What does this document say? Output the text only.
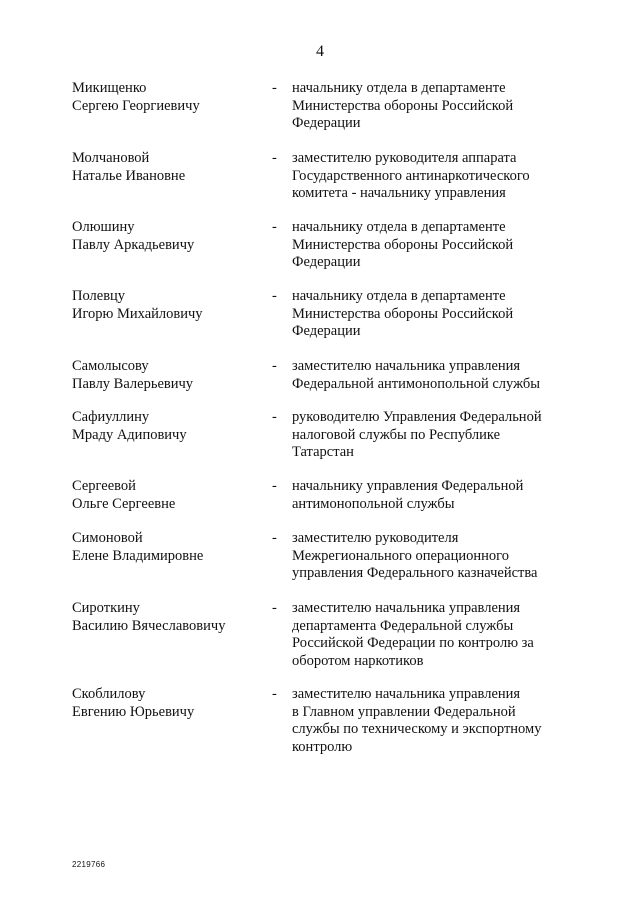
4
Микищенко
Сергею Георгиевичу
- начальнику отдела в департаменте
Министерства обороны Российской
Федерации
Молчановой
Наталье Ивановне
- заместителю руководителя аппарата
Государственного антинаркотического
комитета - начальнику управления
Олюшину
Павлу Аркадьевичу
- начальнику отдела в департаменте
Министерства обороны Российской
Федерации
Полевцу
Игорю Михайловичу
- начальнику отдела в департаменте
Министерства обороны Российской
Федерации
Самолысову
Павлу Валерьевичу
- заместителю начальника управления
Федеральной антимонопольной службы
Сафиуллину
Мраду Адиповичу
- руководителю Управления Федеральной
налоговой службы по Республике
Татарстан
Сергеевой
Ольге Сергеевне
- начальнику управления Федеральной
антимонопольной службы
Симоновой
Елене Владимировне
- заместителю руководителя
Межрегионального операционного
управления Федерального казначейства
Сироткину
Василию Вячеславовичу
- заместителю начальника управления
департамента Федеральной службы
Российской Федерации по контролю за
оборотом наркотиков
Скоблилову
Евгению Юрьевичу
- заместителю начальника управления
в Главном управлении Федеральной
службы по техническому и экспортному
контролю
2219766
